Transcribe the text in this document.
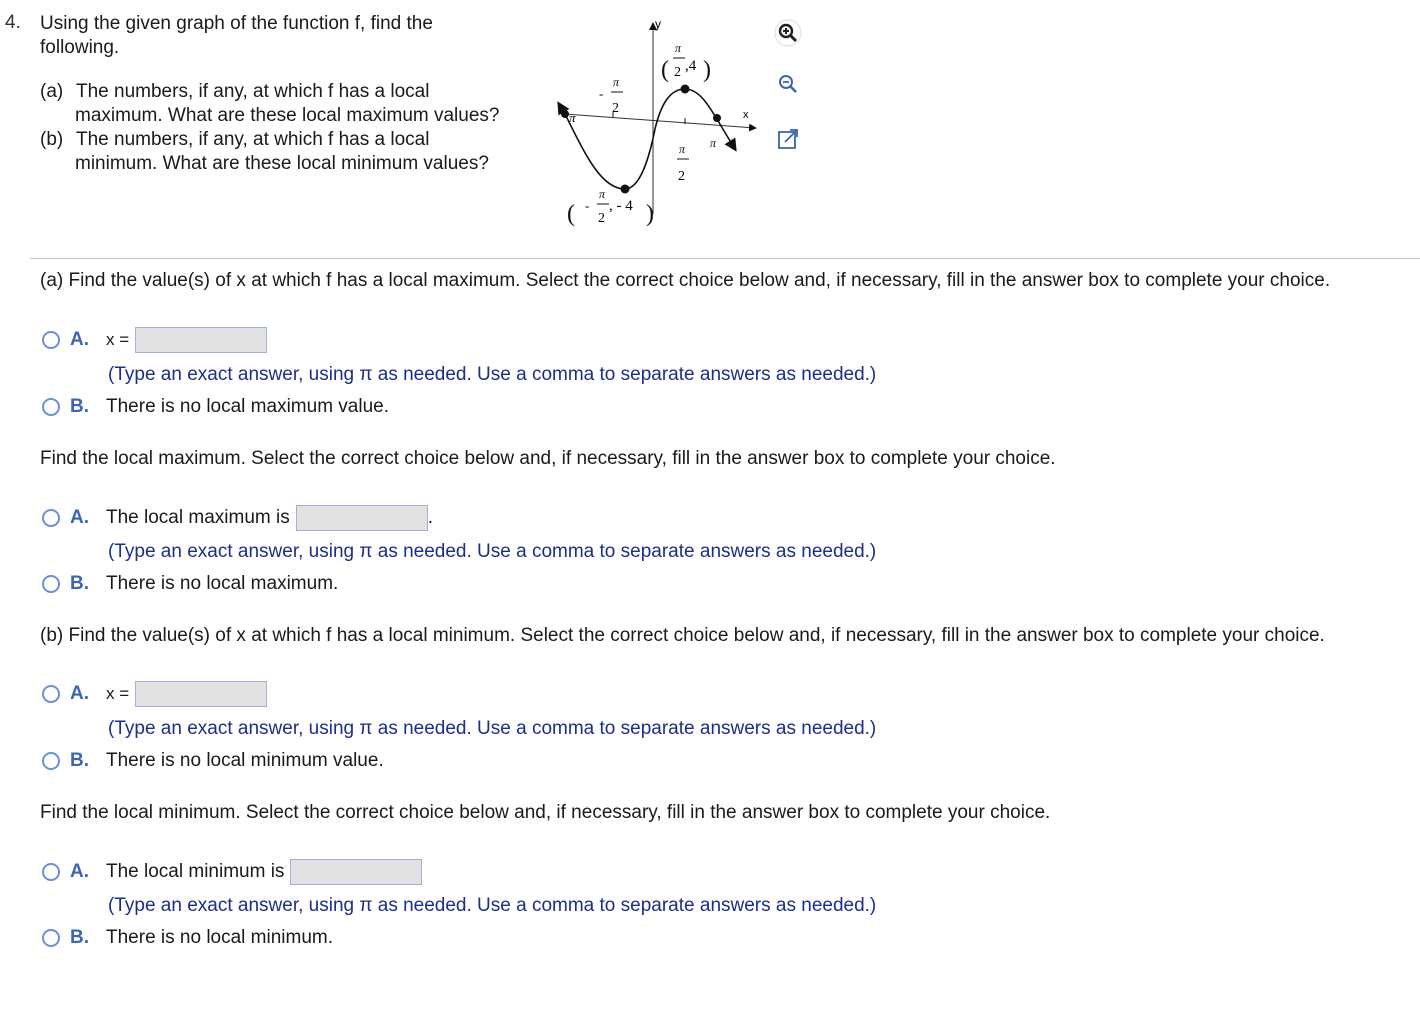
4. Using the given graph of the function f, find the
following.
(a) The numbers, if any, at which f has a local
maximum. What are these local maximum values?
(b) The numbers, if any, at which f has a local
minimum. What are these local minimum values?
y
x
π
-
π
2
π
2
π
(
π
2 ,4 )
( -
π
2
, - 4 )
(a) Find the value(s) of x at which f has a local maximum. Select the correct choice below and, if necessary, fill in the answer box to complete your choice.
A.	x =
(Type an exact answer, using π as needed. Use a comma to separate answers as needed.)
B. There is no local maximum value.
Find the local maximum. Select the correct choice below and, if necessary, fill in the answer box to complete your choice.
A. The local maximum is	.
(Type an exact answer, using π as needed. Use a comma to separate answers as needed.)
B. There is no local maximum.
(b) Find the value(s) of x at which f has a local minimum. Select the correct choice below and, if necessary, fill in the answer box to complete your choice.
A.	x =
(Type an exact answer, using π as needed. Use a comma to separate answers as needed.)
B. There is no local minimum value.
Find the local minimum. Select the correct choice below and, if necessary, fill in the answer box to complete your choice.
A. The local minimum is
(Type an exact answer, using π as needed. Use a comma to separate answers as needed.)
B. There is no local minimum.
